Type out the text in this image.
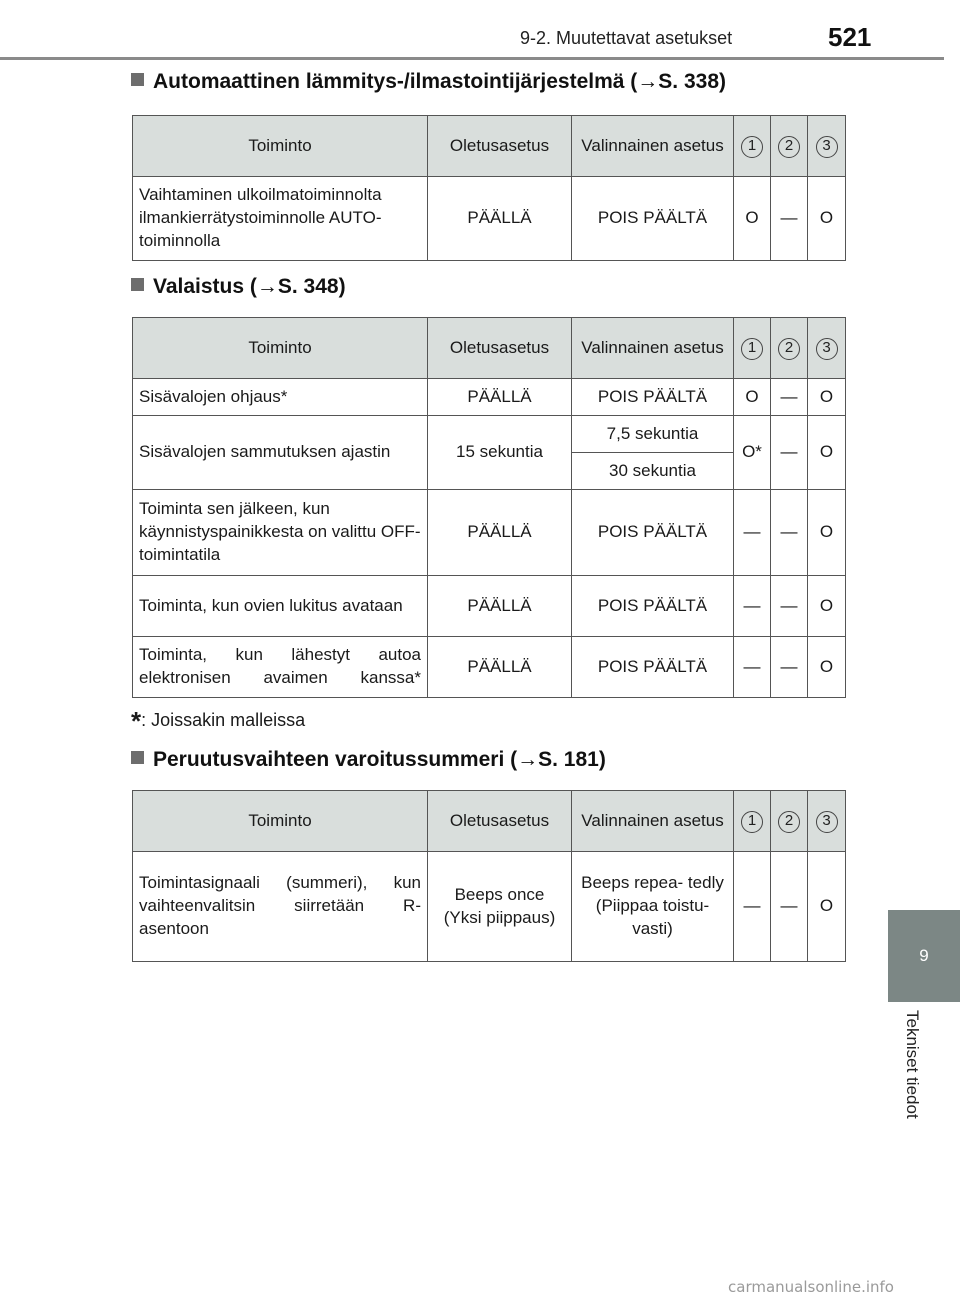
9-2. Muutettavat asetukset	521
9
Tekniset tiedot
Automaattinen lämmitys-/ilmastointijärjestelmä (→S. 338)
Toiminto	Oletusasetus	Valinnainen asetus	1	2	3
Vaihtaminen ulkoilmatoiminnolta ilmankierrätystoiminnolle AUTO-toiminnolla	PÄÄLLÄ	POIS PÄÄLTÄ	O	—	O
Valaistus (→S. 348)
Toiminto	Oletusasetus	Valinnainen asetus	1	2	3
Sisävalojen ohjaus*	PÄÄLLÄ	POIS PÄÄLTÄ	O	—	O
Sisävalojen sammutuksen ajastin	15 sekuntia	7,5 sekuntia	O*	—	O
		30 sekuntia			
Toiminta sen jälkeen, kun käynnistyspainikkesta on valittu OFF-toimintatila	PÄÄLLÄ	POIS PÄÄLTÄ	—	—	O
Toiminta, kun ovien lukitus avataan	PÄÄLLÄ	POIS PÄÄLTÄ	—	—	O
Toiminta, kun lähestyt autoa elektronisen avaimen kanssa*	PÄÄLLÄ	POIS PÄÄLTÄ	—	—	O
*: Joissakin malleissa
Peruutusvaihteen varoitussummeri (→S. 181)
Toiminto	Oletusasetus	Valinnainen asetus	1	2	3
Toimintasignaali (summeri), kun vaihteenvalitsin siirretään R-asentoon	Beeps once (Yksi piippaus)	Beeps repea- tedly (Piippaa toistu- vasti)	—	—	O
carmanualsonline.info
